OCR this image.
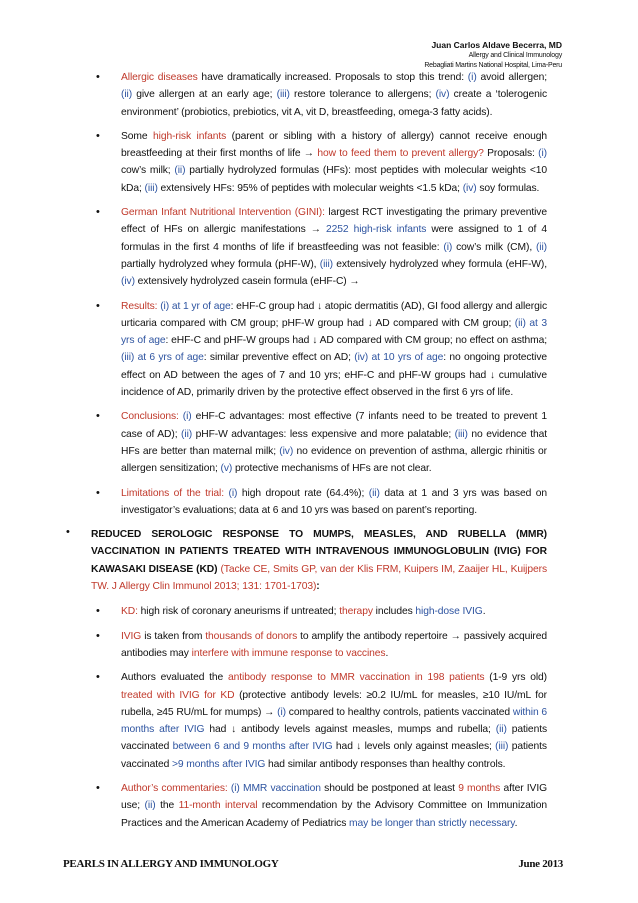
Juan Carlos Aldave Becerra, MD
Allergy and Clinical Immunology
Rebagliati Martins National Hospital, Lima-Peru
• Allergic diseases have dramatically increased. Proposals to stop this trend: (i) avoid allergen; (ii) give allergen at an early age; (iii) restore tolerance to allergens; (iv) create a ‘tolerogenic environment’ (probiotics, prebiotics, vit A, vit D, breastfeeding, omega-3 fatty acids).
• Some high-risk infants (parent or sibling with a history of allergy) cannot receive enough breastfeeding at their first months of life → how to feed them to prevent allergy? Proposals: (i) cow’s milk; (ii) partially hydrolyzed formulas (HFs): most peptides with molecular weights <10 kDa; (iii) extensively HFs: 95% of peptides with molecular weights <1.5 kDa; (iv) soy formulas.
• German Infant Nutritional Intervention (GINI): largest RCT investigating the primary preventive effect of HFs on allergic manifestations → 2252 high-risk infants were assigned to 1 of 4 formulas in the first 4 months of life if breastfeeding was not feasible: (i) cow’s milk (CM), (ii) partially hydrolyzed whey formula (pHF-W), (iii) extensively hydrolyzed whey formula (eHF-W), (iv) extensively hydrolyzed casein formula (eHF-C) →
• Results: (i) at 1 yr of age: eHF-C group had ↓ atopic dermatitis (AD), GI food allergy and allergic urticaria compared with CM group; pHF-W group had ↓ AD compared with CM group; (ii) at 3 yrs of age: eHF-C and pHF-W groups had ↓ AD compared with CM group; no effect on asthma; (iii) at 6 yrs of age: similar preventive effect on AD; (iv) at 10 yrs of age: no ongoing protective effect on AD between the ages of 7 and 10 yrs; eHF-C and pHF-W groups had ↓ cumulative incidence of AD, primarily driven by the protective effect observed in the first 6 yrs of life.
• Conclusions: (i) eHF-C advantages: most effective (7 infants need to be treated to prevent 1 case of AD); (ii) pHF-W advantages: less expensive and more palatable; (iii) no evidence that HFs are better than maternal milk; (iv) no evidence on prevention of asthma, allergic rhinitis or allergen sensitization; (v) protective mechanisms of HFs are not clear.
• Limitations of the trial: (i) high dropout rate (64.4%); (ii) data at 1 and 3 yrs was based on investigator’s evaluations; data at 6 and 10 yrs was based on parent’s reporting.
• REDUCED SEROLOGIC RESPONSE TO MUMPS, MEASLES, AND RUBELLA (MMR) VACCINATION IN PATIENTS TREATED WITH INTRAVENOUS IMMUNOGLOBULIN (IVIG) FOR KAWASAKI DISEASE (KD) (Tacke CE, Smits GP, van der Klis FRM, Kuipers IM, Zaaijer HL, Kuijpers TW. J Allergy Clin Immunol 2013; 131: 1701-1703):
• KD: high risk of coronary aneurisms if untreated; therapy includes high-dose IVIG.
• IVIG is taken from thousands of donors to amplify the antibody repertoire → passively acquired antibodies may interfere with immune response to vaccines.
• Authors evaluated the antibody response to MMR vaccination in 198 patients (1-9 yrs old) treated with IVIG for KD (protective antibody levels: ≥0.2 IU/mL for measles, ≥10 IU/mL for rubella, ≥45 RU/mL for mumps) → (i) compared to healthy controls, patients vaccinated within 6 months after IVIG had ↓ antibody levels against measles, mumps and rubella; (ii) patients vaccinated between 6 and 9 months after IVIG had ↓ levels only against measles; (iii) patients vaccinated >9 months after IVIG had similar antibody responses than healthy controls.
• Author’s commentaries: (i) MMR vaccination should be postponed at least 9 months after IVIG use; (ii) the 11-month interval recommendation by the Advisory Committee on Immunization Practices and the American Academy of Pediatrics may be longer than strictly necessary.
PEARLS IN ALLERGY AND IMMUNOLOGY	June 2013
